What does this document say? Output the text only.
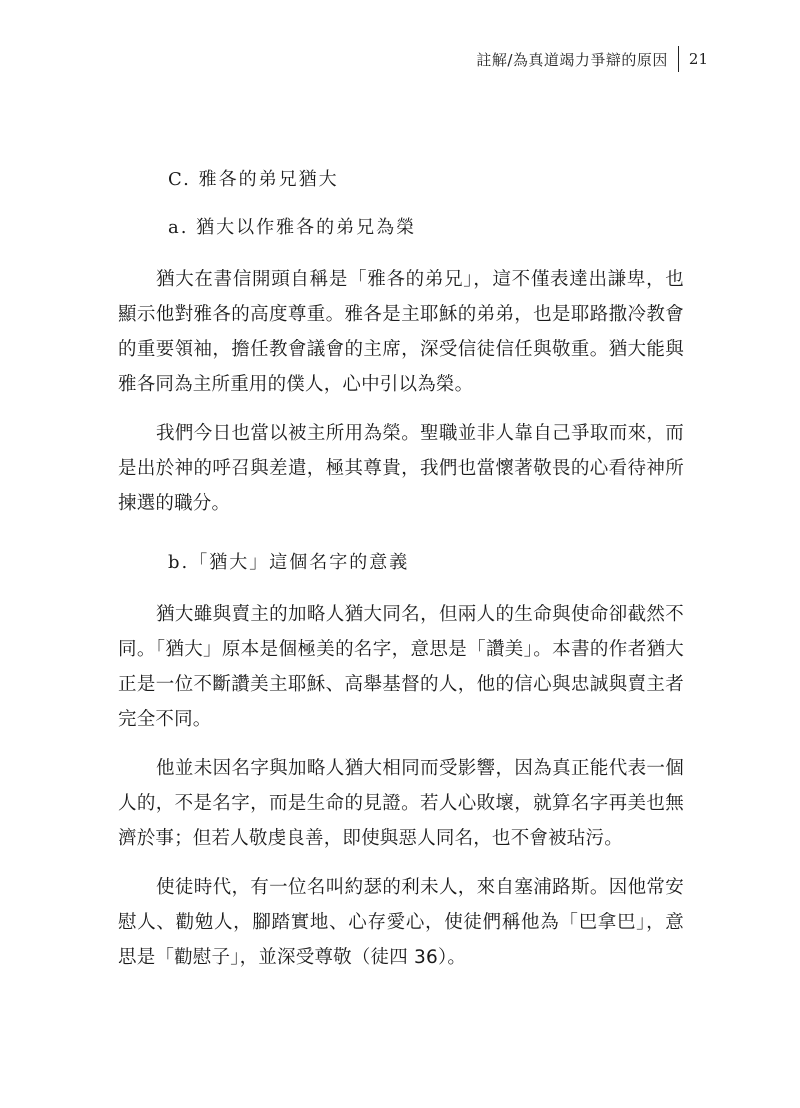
註解/為真道竭力爭辯的原因 21
C. 雅各的弟兄猶大
a. 猶大以作雅各的弟兄為榮

猶大在書信開頭自稱是「雅各的弟兄」，這不僅表達出謙卑，也顯示他對雅各的高度尊重。雅各是主耶穌的弟弟，也是耶路撒冷教會的重要領袖，擔任教會議會的主席，深受信徒信任與敬重。猶大能與雅各同為主所重用的僕人，心中引以為榮。

我們今日也當以被主所用為榮。聖職並非人靠自己爭取而來，而是出於神的呼召與差遣，極其尊貴，我們也當懷著敬畏的心看待神所揀選的職分。

b.「猶大」這個名字的意義

猶大雖與賣主的加略人猶大同名，但兩人的生命與使命卻截然不同。「猶大」原本是個極美的名字，意思是「讚美」。本書的作者猶大正是一位不斷讚美主耶穌、高舉基督的人，他的信心與忠誠與賣主者完全不同。

他並未因名字與加略人猶大相同而受影響，因為真正能代表一個人的，不是名字，而是生命的見證。若人心敗壞，就算名字再美也無濟於事；但若人敬虔良善，即使與惡人同名，也不會被玷污。

使徒時代，有一位名叫約瑟的利未人，來自塞浦路斯。因他常安慰人、勸勉人，腳踏實地、心存愛心，使徒們稱他為「巴拿巴」，意思是「勸慰子」，並深受尊敬（徒四 36）。
